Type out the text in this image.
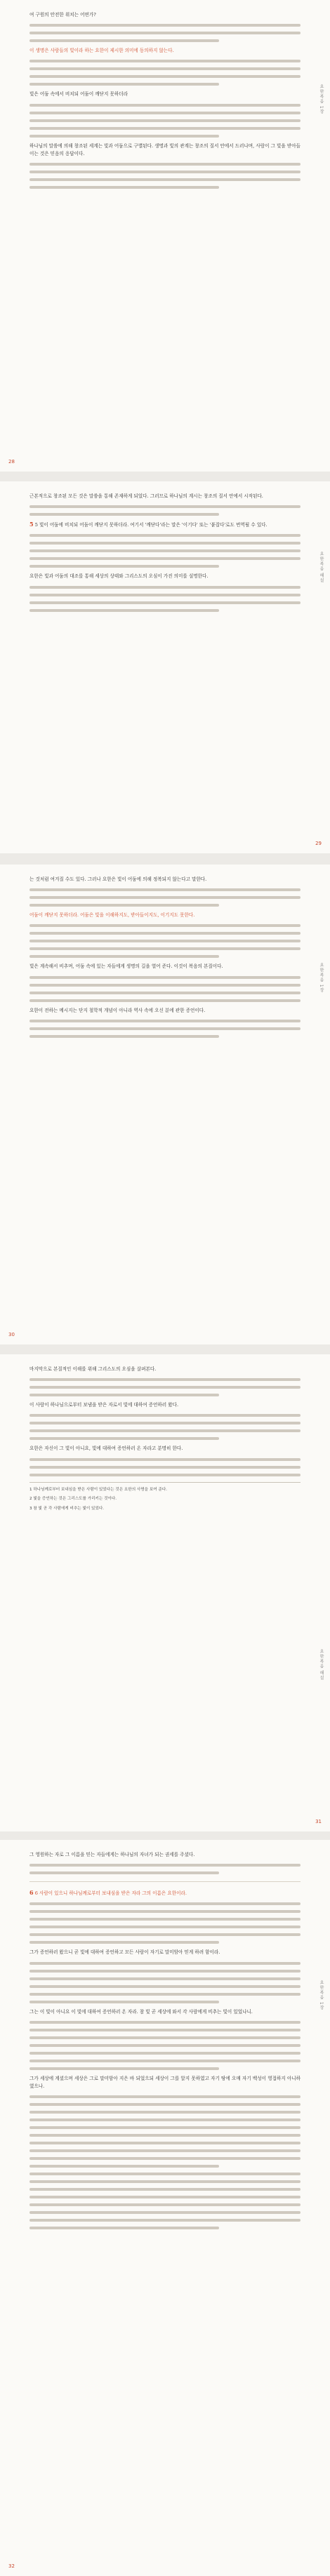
여 구원의 안전한 위치는 어떤가?

이 생명은 사람들의 빛이라 하는 요한이 제시한 의미에 동의하지 않는다.

빛은 어둠 속에서 비치되 어둠이 깨닫지 못하더라

하나님의 말씀에 의해 창조된 세계는 빛과 어둠으로 구별된다. 생명과 빛의 관계는 창조의 질서 안에서 드러나며, 사람이 그 빛을 받아들이는 것은 믿음의 응답이다.

요한복음 1장
28

근본적으로 창조된 모든 것은 말씀을 통해 존재하게 되었다. 그러므로 하나님의 계시는 창조의 질서 안에서 시작된다.

5 5 빛이 어둠에 비치되 어둠이 깨닫지 못하더라. 여기서 '깨닫다'라는 말은 '이기다' 또는 '붙잡다'로도 번역될 수 있다.

요한은 빛과 어둠의 대조를 통해 세상의 상태와 그리스도의 오심이 가진 의미를 설명한다.	요한복음 해설
29

는 것처럼 여겨질 수도 있다. 그러나 요한은 빛이 어둠에 의해 정복되지 않는다고 말한다.

어둠이 깨닫지 못하더라. 어둠은 빛을 이해하지도, 받아들이지도, 이기지도 못한다.

빛은 계속해서 비추며, 어둠 속에 있는 자들에게 생명의 길을 열어 준다. 이것이 복음의 본질이다.

요한이 전하는 메시지는 단지 철학적 개념이 아니라 역사 속에 오신 분에 관한 증언이다.

요한복음 1장
30

마지막으로 본질적인 이해를 위해 그리스도의 오심을 살펴본다.

이 사람이 하나님으로부터 보냄을 받은 자로서 빛에 대하여 증언하러 왔다.

요한은 자신이 그 빛이 아니요, 빛에 대하여 증언하러 온 자라고 분명히 한다.

1 하나님께로부터 보내심을 받은 사람이 있었다는 것은 요한의 사명을 보여 준다.

2 빛을 증언하는 것은 그리스도를 가리키는 것이다.

3 참 빛 곧 각 사람에게 비추는 빛이 있었다.

요한복음 해설
31

그 영원하는 자로 그 이름을 믿는 자들에게는 하나님의 자녀가 되는 권세를 주셨다.

6 6 사람이 있으니 하나님께로부터 보내심을 받은 자라 그의 이름은 요한이라.

그가 증언하러 왔으니 곧 빛에 대하여 증언하고 모든 사람이 자기로 말미암아 믿게 하려 함이라.

그는 이 빛이 아니요 이 빛에 대하여 증언하러 온 자라. 참 빛 곧 세상에 와서 각 사람에게 비추는 빛이 있었나니.

그가 세상에 계셨으며 세상은 그로 말미암아 지은 바 되었으되 세상이 그를 알지 못하였고 자기 땅에 오매 자기 백성이 영접하지 아니하였으나.

요한복음 1장
32
